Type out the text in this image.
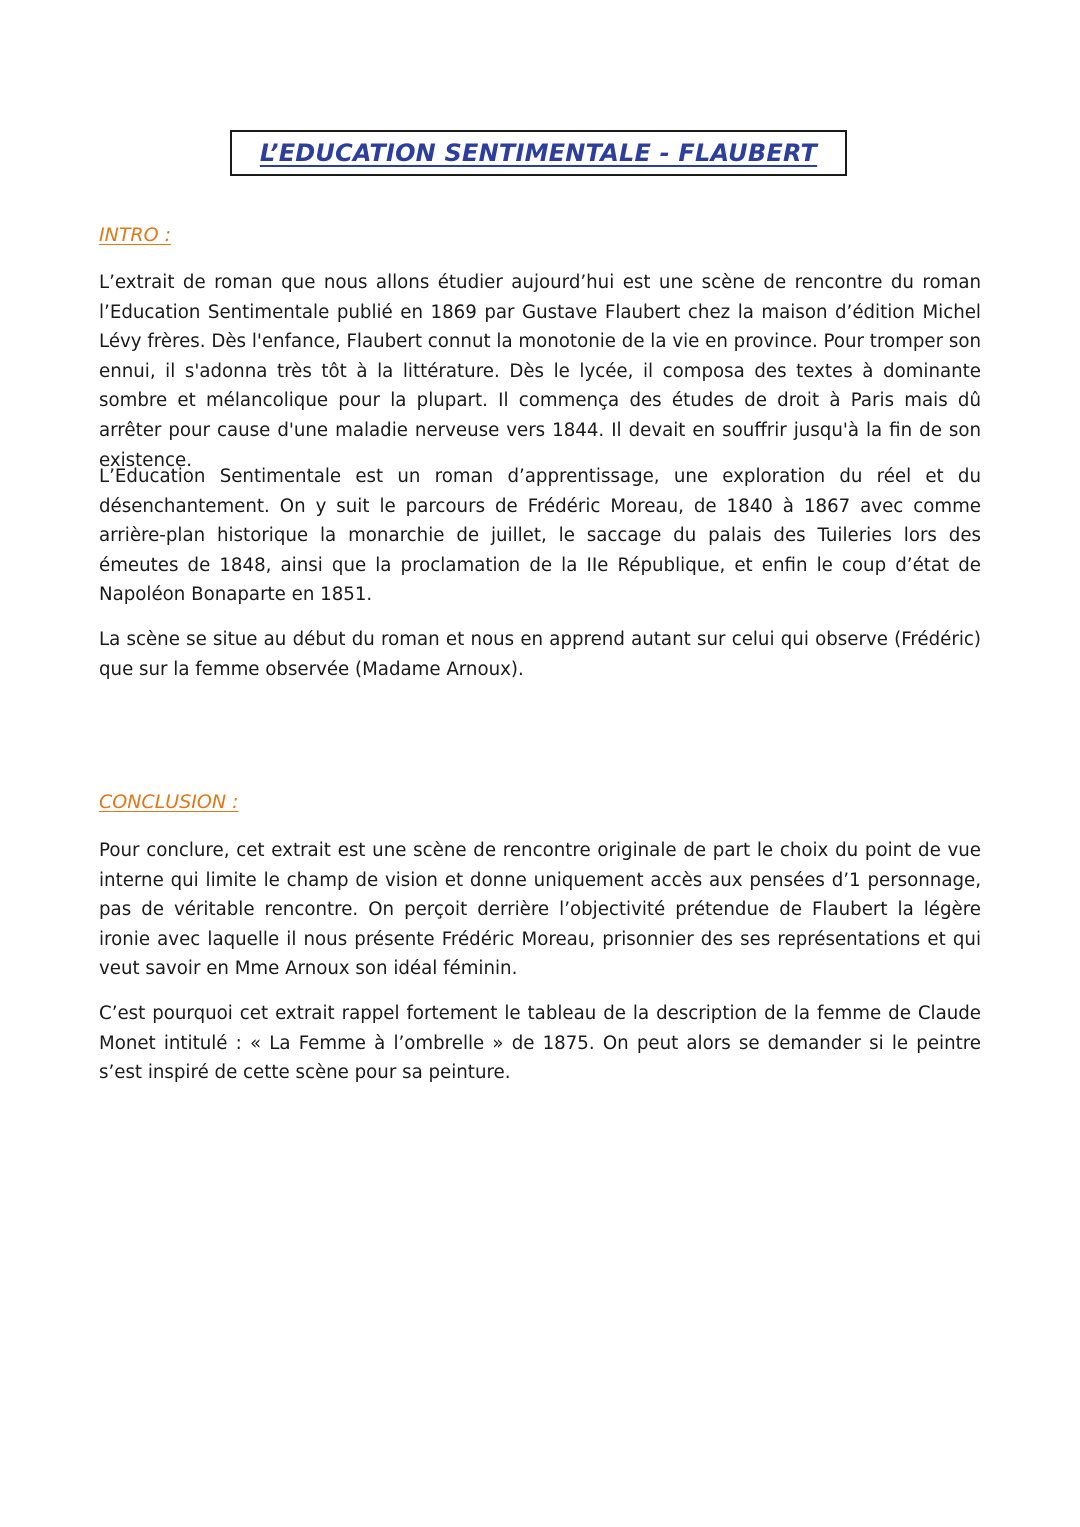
L’EDUCATION SENTIMENTALE - FLAUBERT
INTRO :

L’extrait de roman que nous allons étudier aujourd’hui est une scène de rencontre du roman l’Education Sentimentale publié en 1869 par Gustave Flaubert chez la maison d’édition Michel Lévy frères. Dès l'enfance, Flaubert connut la monotonie de la vie en province. Pour tromper son ennui, il s'adonna très tôt à la littérature. Dès le lycée, il composa des textes à dominante sombre et mélancolique pour la plupart. Il commença des études de droit à Paris mais dû arrêter pour cause d'une maladie nerveuse vers 1844. Il devait en souffrir jusqu'à la fin de son existence.

L’Education Sentimentale est un roman d’apprentissage, une exploration du réel et du désenchantement. On y suit le parcours de Frédéric Moreau, de 1840 à 1867 avec comme arrière-plan historique la monarchie de juillet, le saccage du palais des Tuileries lors des émeutes de 1848, ainsi que la proclamation de la IIe République, et enfin le coup d’état de Napoléon Bonaparte en 1851.

La scène se situe au début du roman et nous en apprend autant sur celui qui observe (Frédéric) que sur la femme observée (Madame Arnoux).

CONCLUSION :

Pour conclure, cet extrait est une scène de rencontre originale de part le choix du point de vue interne qui limite le champ de vision et donne uniquement accès aux pensées d’1 personnage, pas de véritable rencontre. On perçoit derrière l’objectivité prétendue de Flaubert la légère ironie avec laquelle il nous présente Frédéric Moreau, prisonnier des ses représentations et qui veut savoir en Mme Arnoux son idéal féminin.

C’est pourquoi cet extrait rappel fortement le tableau de la description de la femme de Claude Monet intitulé : « La Femme à l’ombrelle » de 1875. On peut alors se demander si le peintre s’est inspiré de cette scène pour sa peinture.
